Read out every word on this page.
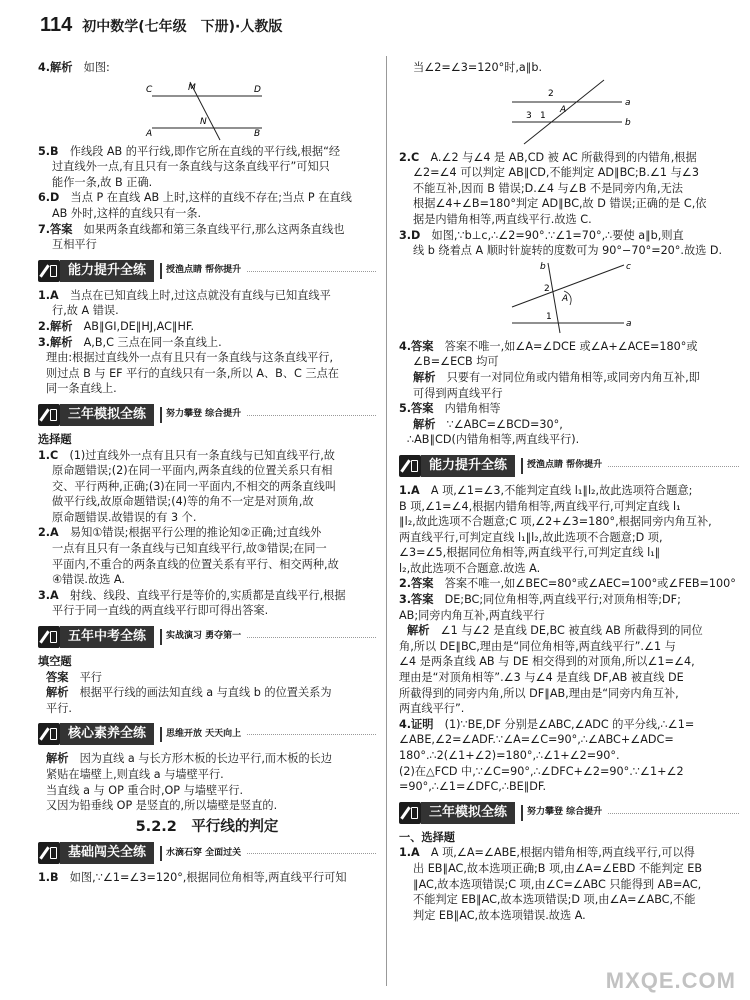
114 初中数学(七年级　下册)·人教版

4.解析　 如图:

C	M	D
A
N
B

5.B　 作线段 AB 的平行线,即作它所在直线的平行线,根据“经

过直线外一点,有且只有一条直线与这条直线平行”可知只

能作一条,故 B 正确.

6.D　 当点 P 在直线 AB 上时,这样的直线不存在;当点 P 在直线

AB 外时,这样的直线只有一条.

7.答案　 如果两条直线都和第三条直线平行,那么这两条直线也

互相平行

能力提升全练	授渔点睛 帮你提升

1.A　 当点在已知直线上时,过这点就没有直线与已知直线平

行,故 A 错误.

2.解析　 AB∥GI,DE∥HJ,AC∥HF.

3.解析　 A,B,C 三点在同一条直线上.

理由:根据过直线外一点有且只有一条直线与这条直线平行,

则过点 B 与 EF 平行的直线只有一条,所以 A、B、C 三点在

同一条直线上.

三年模拟全练	努力攀登 综合提升

选择题

1.C　 (1)过直线外一点有且只有一条直线与已知直线平行,故

原命题错误;(2)在同一平面内,两条直线的位置关系只有相

交、平行两种,正确;(3)在同一平面内,不相交的两条直线叫

做平行线,故原命题错误;(4)等的角不一定是对顶角,故

原命题错误.故错误的有 3 个.

2.A　 易知①错误;根据平行公理的推论知②正确;过直线外

一点有且只有一条直线与已知直线平行,故③错误;在同一

平面内,不重合的两条直线的位置关系有平行、相交两种,故

④错误.故选 A.

3.A　 射线、线段、直线平行是等价的,实质都是直线平行,根据

平行于同一直线的两直线平行即可得出答案.

五年中考全练	实战演习 勇夺第一

填空题

答案　 平行

解析　 根据平行线的画法知直线 a 与直线 b 的位置关系为

平行.

核心素养全练	思维开放 天天向上

解析　 因为直线 a 与长方形木板的长边平行,而木板的长边

紧贴在墙壁上,则直线 a 与墙壁平行.

当直线 a 与 OP 重合时,OP 与墙壁平行.

又因为铅垂线 OP 是竖直的,所以墙壁是竖直的.

5.2.2　 平行线的判定
基础闯关全练	水滴石穿 全面过关

1.B　 如图,∵∠1=∠3=120°,根据同位角相等,两直线平行可知

当∠2=∠3=120°时,a∥b.

2
A
3 1
a
b

2.C　 A.∠2 与∠4 是 AB,CD 被 AC 所截得到的内错角,根据

∠2=∠4 可以判定 AB∥CD,不能判定 AD∥BC;B.∠1 与∠3

不能互补,因而 B 错误;D.∠4 与∠B 不是同旁内角,无法

根据∠4+∠B=180°判定 AD∥BC,故 D 错误;正确的是 C,依

据是内错角相等,两直线平行.故选 C.

3.D　 如图,∵b⊥c,∴∠2=90°.∵∠1=70°,∴要使 a∥b,则直

线 b 绕着点 A 顺时针旋转的度数可为 90°−70°=20°.故选 D.

b	c
2
A
1
a

4.答案　 答案不唯一,如∠A=∠DCE 或∠A+∠ACE=180°或

∠B=∠ECB 均可

解析　 只要有一对同位角或内错角相等,或同旁内角互补,即

可得到两直线平行

5.答案　 内错角相等

解析　 ∵∠ABC=∠BCD=30°,

∴AB∥CD(内错角相等,两直线平行).

能力提升全练	授渔点睛 帮你提升

1.A　 A 项,∠1=∠3,不能判定直线 l₁∥l₂,故此选项符合题意;

B 项,∠1=∠4,根据内错角相等,两直线平行,可判定直线 l₁

∥l₂,故此选项不合题意;C 项,∠2+∠3=180°,根据同旁内角互补,

两直线平行,可判定直线 l₁∥l₂,故此选项不合题意;D 项,

∠3=∠5,根据同位角相等,两直线平行,可判定直线 l₁∥

l₂,故此选项不合题意.故选 A.

2.答案　 答案不唯一,如∠BEC=80°或∠AEC=100°或∠FEB=100°

3.答案　 DE;BC;同位角相等,两直线平行;对顶角相等;DF;

AB;同旁内角互补,两直线平行

解析　 ∠1 与∠2 是直线 DE,BC 被直线 AB 所截得到的同位

角,所以 DE∥BC,理由是“同位角相等,两直线平行”.∠1 与

∠4 是两条直线 AB 与 DE 相交得到的对顶角,所以∠1=∠4,

理由是“对顶角相等”.∠3 与∠4 是直线 DF,AB 被直线 DE

所截得到的同旁内角,所以 DF∥AB,理由是“同旁内角互补,

两直线平行”.

4.证明　 (1)∵BE,DF 分别是∠ABC,∠ADC 的平分线,∴∠1=

∠ABE,∠2=∠ADF.∵∠A=∠C=90°,∴∠ABC+∠ADC=

180°.∴2(∠1+∠2)=180°,∴∠1+∠2=90°.

(2)在△FCD 中,∵∠C=90°,∴∠DFC+∠2=90°.∵∠1+∠2

=90°,∴∠1=∠DFC,∴BE∥DF.

三年模拟全练	努力攀登 综合提升

一、选择题

1.A　 A 项,∠A=∠ABE,根据内错角相等,两直线平行,可以得

出 EB∥AC,故本选项正确;B 项,由∠A=∠EBD 不能判定 EB

∥AC,故本选项错误;C 项,由∠C=∠ABC 只能得到 AB=AC,

不能判定 EB∥AC,故本选项错误;D 项,由∠A=∠ABC,不能

判定 EB∥AC,故本选项错误.故选 A.

MXQE.COM
